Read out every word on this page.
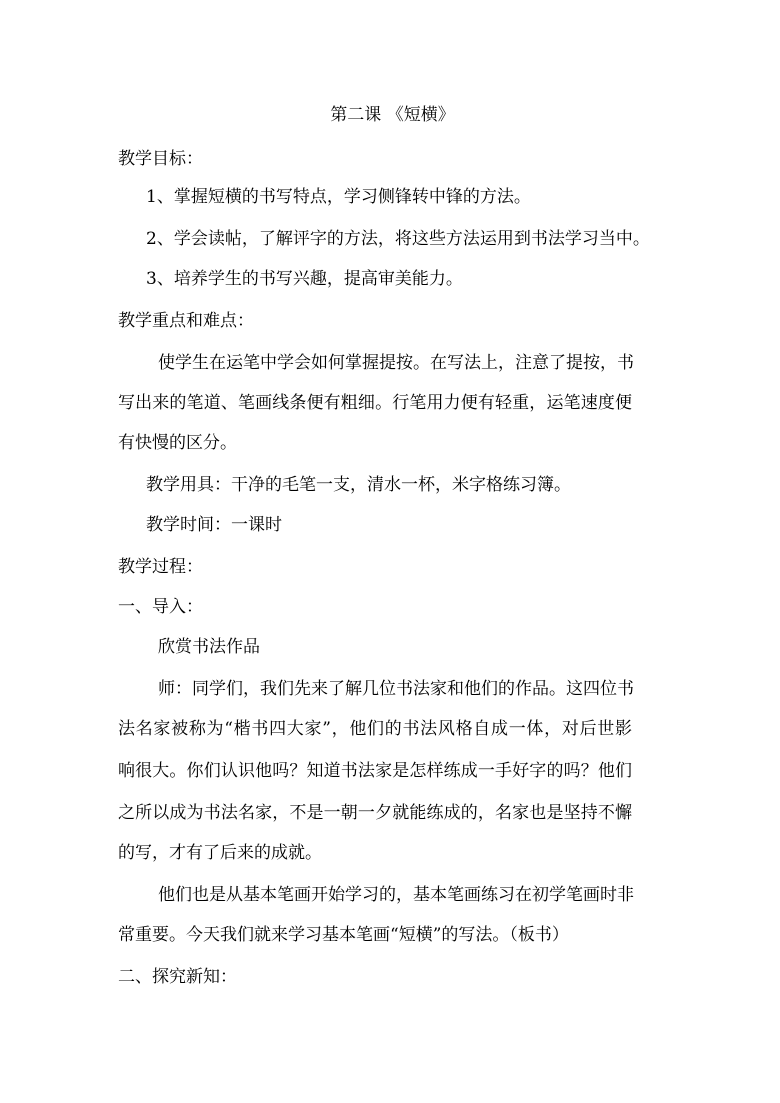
第二课 《短横》
教学目标：
1、掌握短横的书写特点，学习侧锋转中锋的方法。
2、学会读帖，了解评字的方法，将这些方法运用到书法学习当中。
3、培养学生的书写兴趣，提高审美能力。
教学重点和难点：
使学生在运笔中学会如何掌握提按。在写法上，注意了提按，书
写出来的笔道、笔画线条便有粗细。行笔用力便有轻重，运笔速度便
有快慢的区分。
教学用具：干净的毛笔一支，清水一杯，米字格练习簿。
教学时间：一课时
教学过程：
一、导入：
欣赏书法作品
师：同学们，我们先来了解几位书法家和他们的作品。这四位书
法名家被称为“楷书四大家”，他们的书法风格自成一体，对后世影
响很大。你们认识他吗？知道书法家是怎样练成一手好字的吗？他们
之所以成为书法名家，不是一朝一夕就能练成的，名家也是坚持不懈
的写，才有了后来的成就。
他们也是从基本笔画开始学习的，基本笔画练习在初学笔画时非
常重要。今天我们就来学习基本笔画“短横”的写法。（板书）
二、探究新知：
